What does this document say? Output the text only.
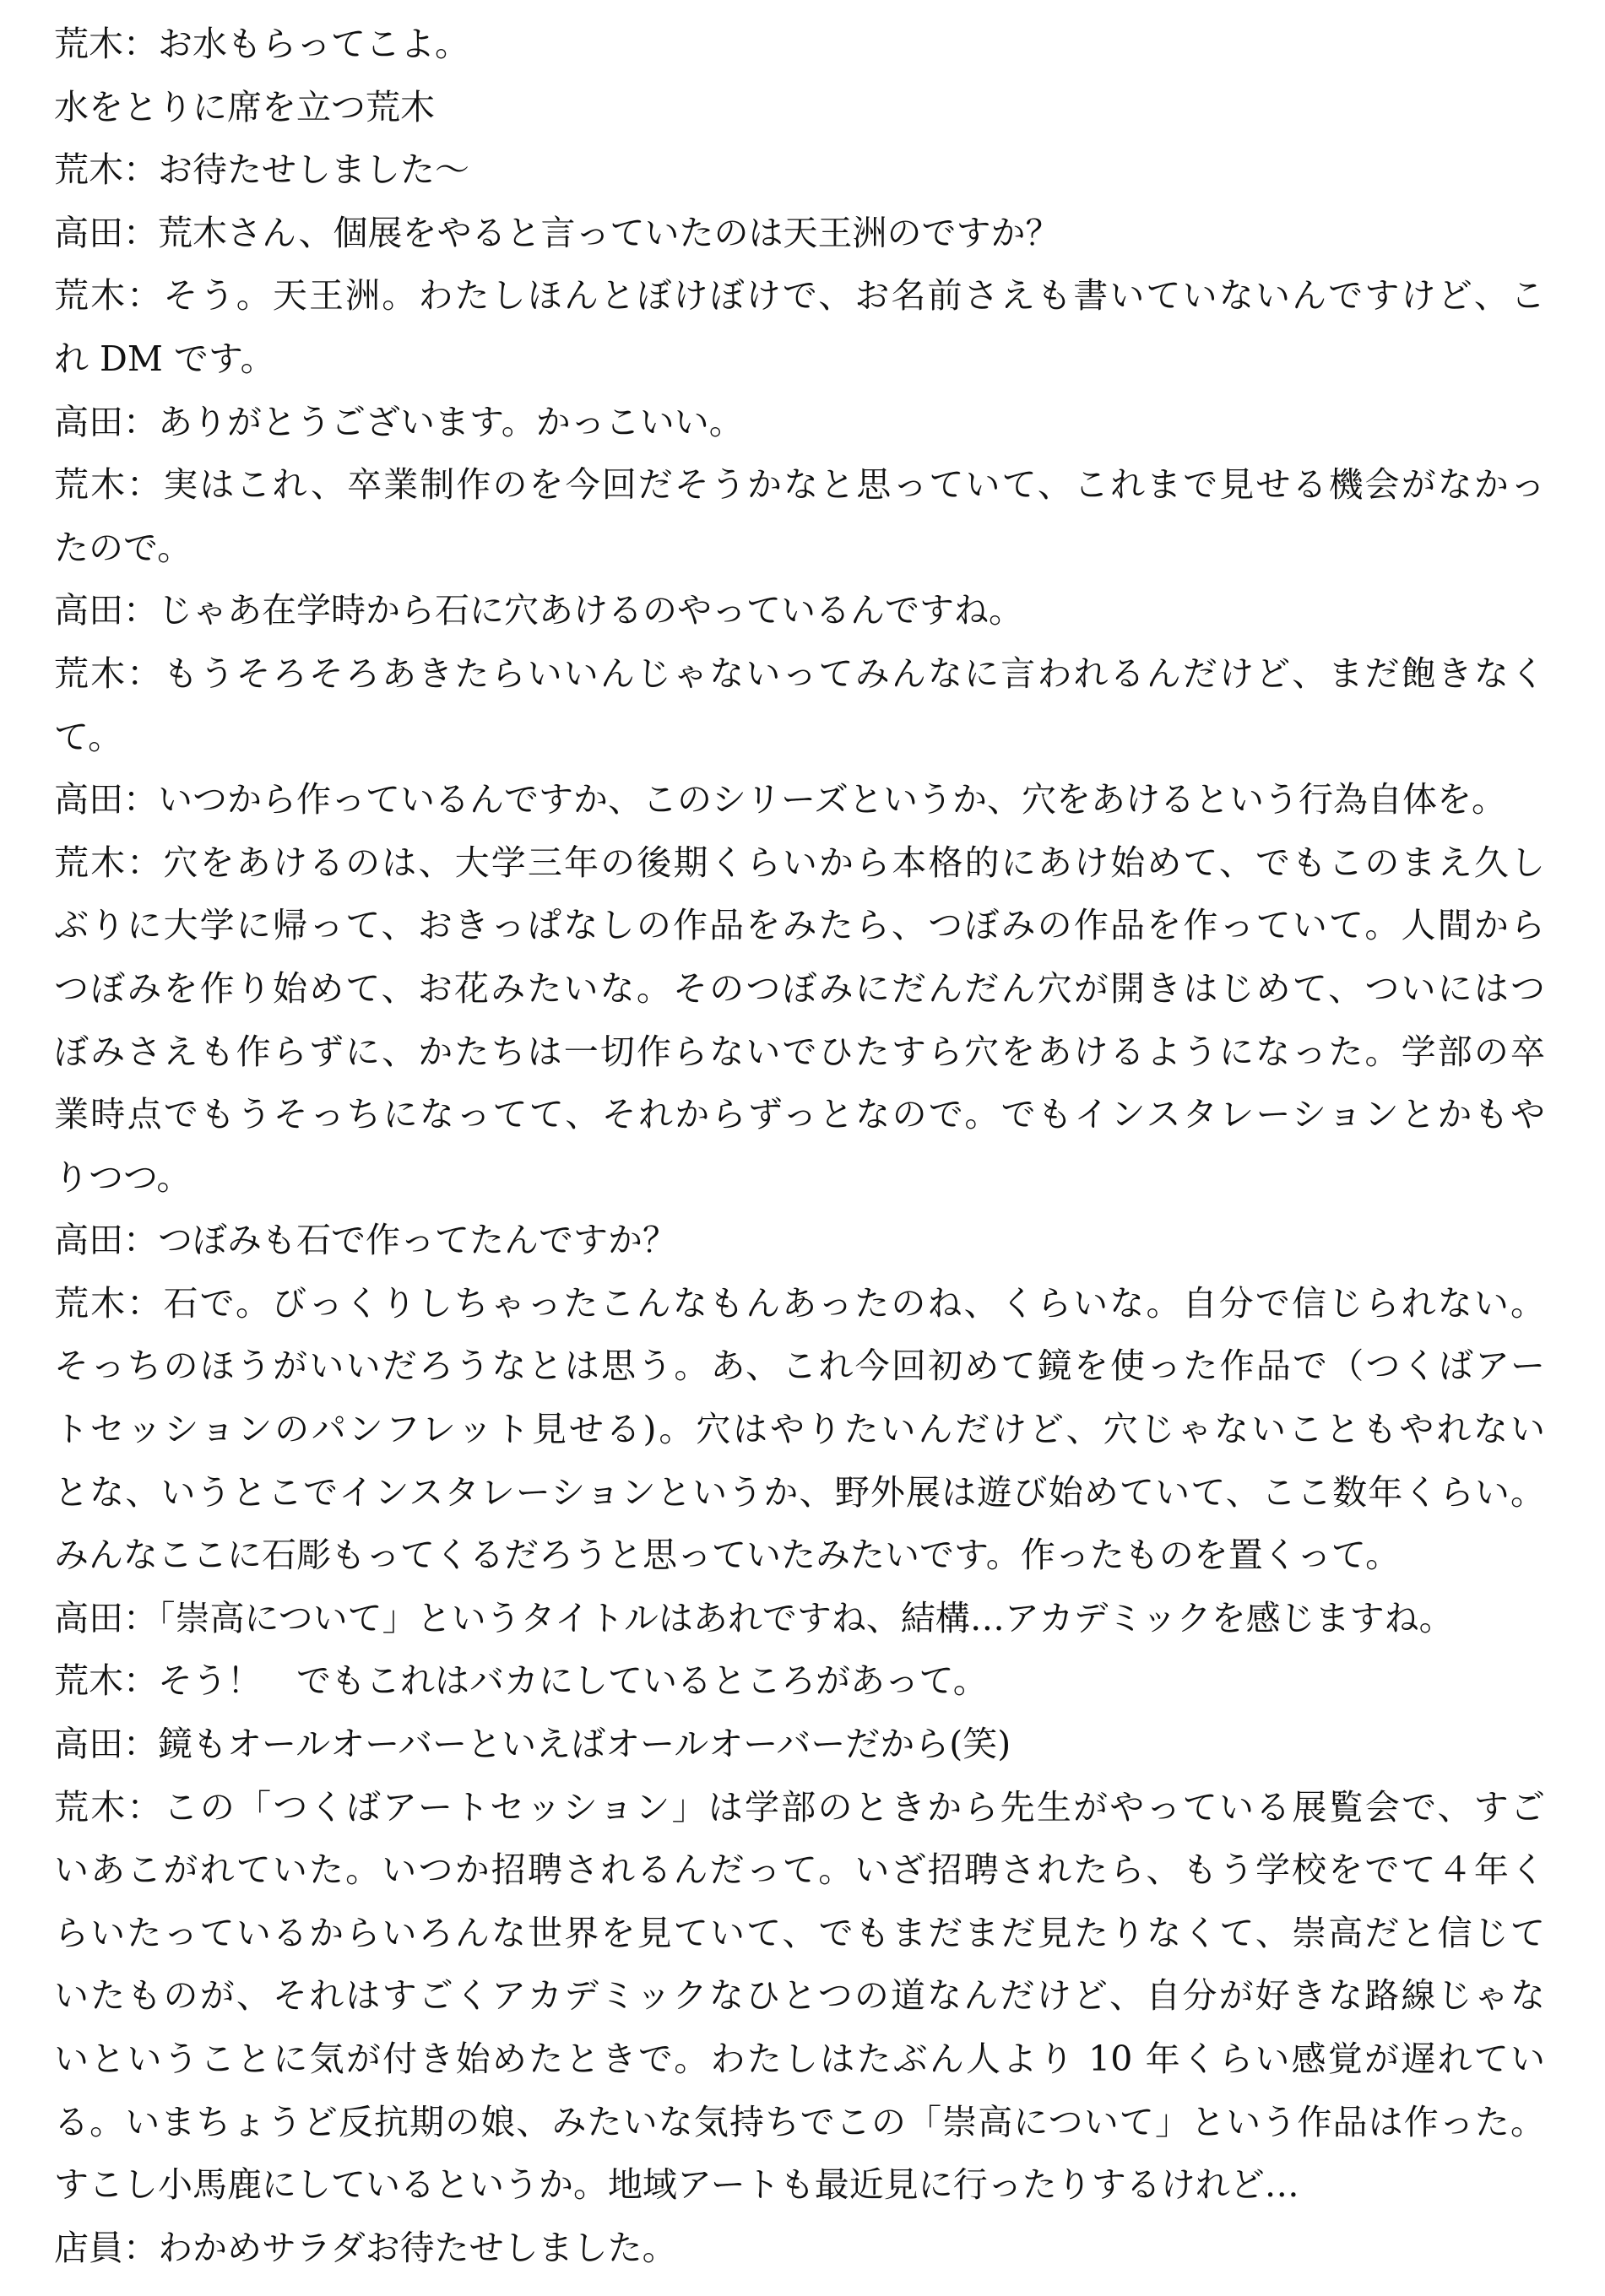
荒木：お水もらってこよ。
水をとりに席を立つ荒木
荒木：お待たせしました〜
高田：荒木さん、個展をやると言っていたのは天王洲のですか？
荒木：そう。天王洲。わたしほんとぼけぼけで、お名前さえも書いていないんですけど、こ
れ DM です。
高田：ありがとうございます。かっこいい。
荒木：実はこれ、卒業制作のを今回だそうかなと思っていて、これまで見せる機会がなかっ
たので。
高田：じゃあ在学時から石に穴あけるのやっているんですね。
荒木：もうそろそろあきたらいいんじゃないってみんなに言われるんだけど、まだ飽きなく
て。
高田：いつから作っているんですか、このシリーズというか、穴をあけるという行為自体を。
荒木：穴をあけるのは、大学三年の後期くらいから本格的にあけ始めて、でもこのまえ久し
ぶりに大学に帰って、おきっぱなしの作品をみたら、つぼみの作品を作っていて。人間から
つぼみを作り始めて、お花みたいな。そのつぼみにだんだん穴が開きはじめて、ついにはつ
ぼみさえも作らずに、かたちは一切作らないでひたすら穴をあけるようになった。学部の卒
業時点でもうそっちになってて、それからずっとなので。でもインスタレーションとかもや
りつつ。
高田：つぼみも石で作ってたんですか？
荒木：石で。びっくりしちゃったこんなもんあったのね、くらいな。自分で信じられない。
そっちのほうがいいだろうなとは思う。あ、これ今回初めて鏡を使った作品で（つくばアー
トセッションのパンフレット見せる)。穴はやりたいんだけど、穴じゃないこともやれない
とな、いうとこでインスタレーションというか、野外展は遊び始めていて、ここ数年くらい。
みんなここに石彫もってくるだろうと思っていたみたいです。作ったものを置くって。
高田：「崇高について」というタイトルはあれですね、結構…アカデミックを感じますね。
荒木：そう！　でもこれはバカにしているところがあって。
高田：鏡もオールオーバーといえばオールオーバーだから(笑)
荒木：この「つくばアートセッション」は学部のときから先生がやっている展覧会で、すご
いあこがれていた。いつか招聘されるんだって。いざ招聘されたら、もう学校をでて４年く
らいたっているからいろんな世界を見ていて、でもまだまだ見たりなくて、崇高だと信じて
いたものが、それはすごくアカデミックなひとつの道なんだけど、自分が好きな路線じゃな
いということに気が付き始めたときで。わたしはたぶん人より 10 年くらい感覚が遅れてい
る。いまちょうど反抗期の娘、みたいな気持ちでこの「崇高について」という作品は作った。
すこし小馬鹿にしているというか。地域アートも最近見に行ったりするけれど…
店員：わかめサラダお待たせしました。
